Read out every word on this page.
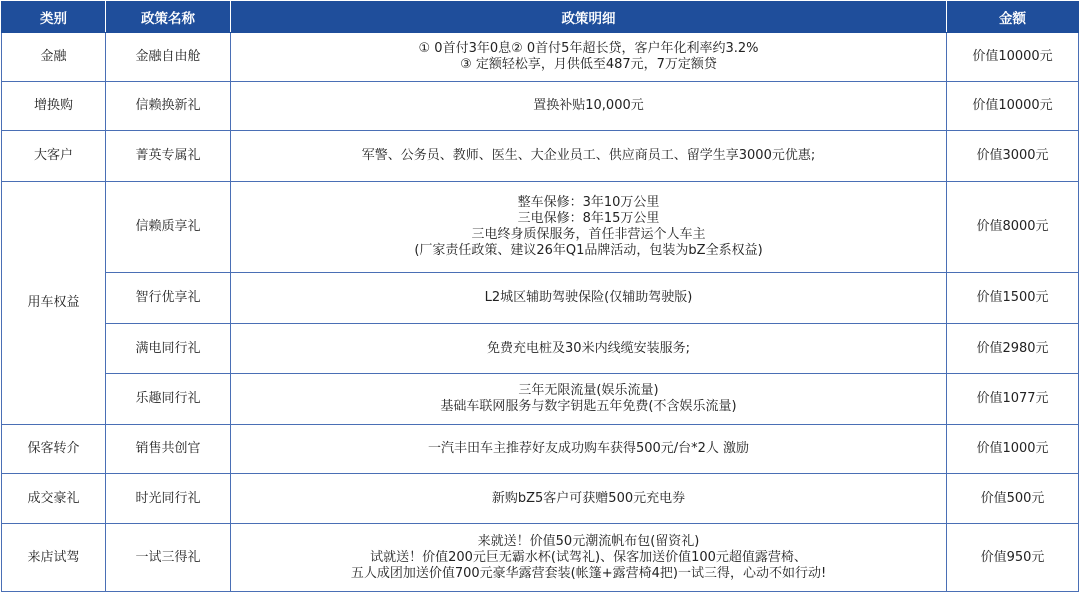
类别	政策名称	政策明细	金额
金融	金融自由舱	① 0首付3年0息② 0首付5年超长贷，客户年化利率约3.2%
③ 定额轻松享，月供低至487元，7万定额贷	价值10000元
增换购	信赖换新礼	置换补贴10,000元	价值10000元
大客户	菁英专属礼	军警、公务员、教师、医生、大企业员工、供应商员工、留学生享3000元优惠;	价值3000元
用车权益	信赖质享礼	整车保修：3年10万公里
三电保修：8年15万公里
三电终身质保服务，首任非营运个人车主
(厂家责任政策、建议26年Q1品牌活动，包装为bZ全系权益)	价值8000元
	智行优享礼	L2城区辅助驾驶保险(仅辅助驾驶版)	价值1500元
	满电同行礼	免费充电桩及30米内线缆安装服务;	价值2980元
	乐趣同行礼	三年无限流量(娱乐流量)
基础车联网服务与数字钥匙五年免费(不含娱乐流量)	价值1077元
保客转介	销售共创官	一汽丰田车主推荐好友成功购车获得500元/台*2人 激励	价值1000元
成交豪礼	时光同行礼	新购bZ5客户可获赠500元充电券	价值500元
来店试驾	一试三得礼	来就送！价值50元潮流帆布包(留资礼)
试就送！价值200元巨无霸水杯(试驾礼)、保客加送价值100元超值露营椅、
五人成团加送价值700元豪华露营套装(帐篷+露营椅4把)一试三得，心动不如行动!	价值950元
